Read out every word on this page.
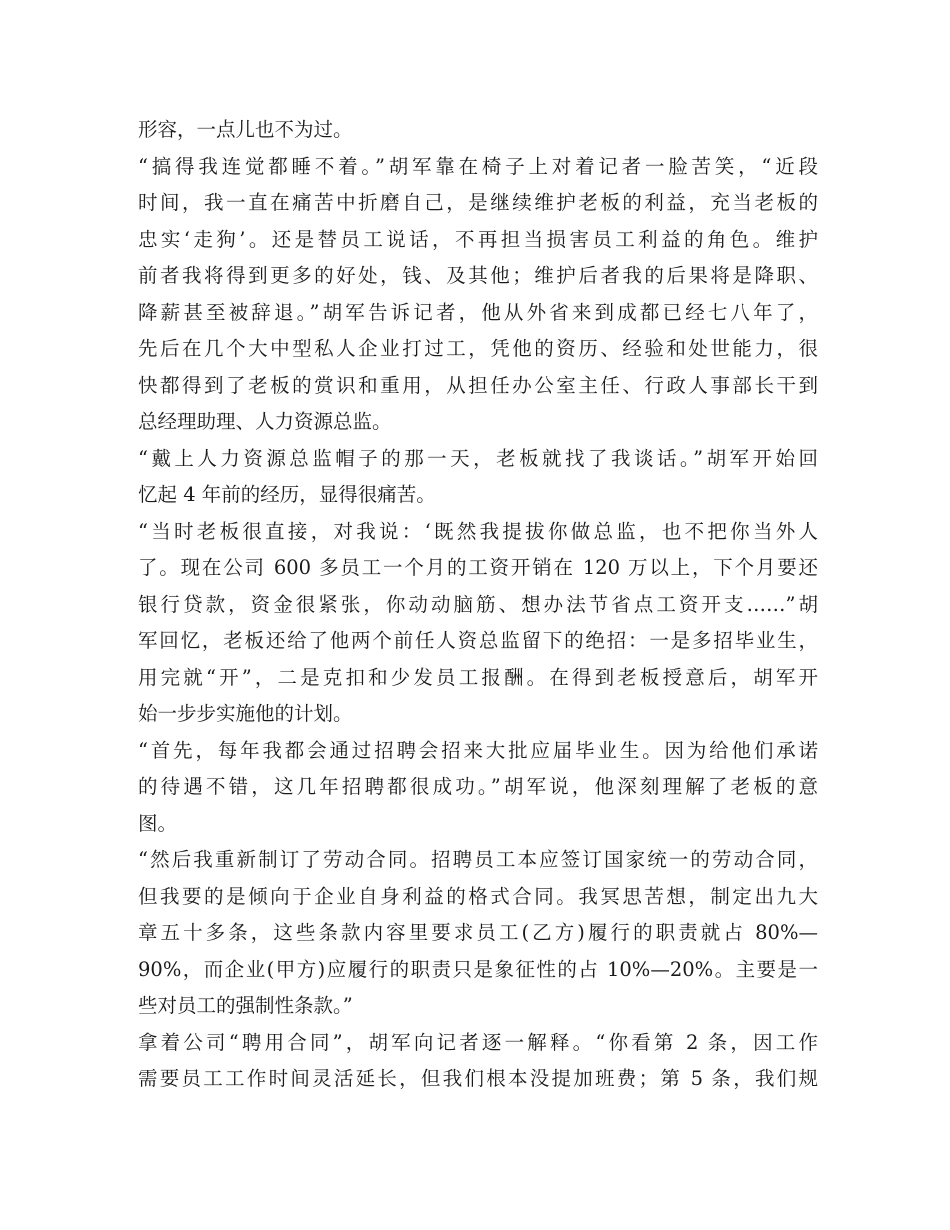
形容，一点儿也不为过。
“搞得我连觉都睡不着。”胡军靠在椅子上对着记者一脸苦笑，“近段
时间，我一直在痛苦中折磨自己，是继续维护老板的利益，充当老板的
忠实‘走狗’。还是替员工说话，不再担当损害员工利益的角色。维护
前者我将得到更多的好处，钱、及其他；维护后者我的后果将是降职、
降薪甚至被辞退。”胡军告诉记者，他从外省来到成都已经七八年了，
先后在几个大中型私人企业打过工，凭他的资历、经验和处世能力，很
快都得到了老板的赏识和重用，从担任办公室主任、行政人事部长干到
总经理助理、人力资源总监。
“戴上人力资源总监帽子的那一天，老板就找了我谈话。”胡军开始回
忆起 4 年前的经历，显得很痛苦。
“当时老板很直接，对我说：‘既然我提拔你做总监，也不把你当外人
了。现在公司 600 多员工一个月的工资开销在 120 万以上，下个月要还
银行贷款，资金很紧张，你动动脑筋、想办法节省点工资开支……”胡
军回忆，老板还给了他两个前任人资总监留下的绝招：一是多招毕业生，
用完就“开”，二是克扣和少发员工报酬。在得到老板授意后，胡军开
始一步步实施他的计划。
“首先，每年我都会通过招聘会招来大批应届毕业生。因为给他们承诺
的待遇不错，这几年招聘都很成功。”胡军说，他深刻理解了老板的意
图。
“然后我重新制订了劳动合同。招聘员工本应签订国家统一的劳动合同，
但我要的是倾向于企业自身利益的格式合同。我冥思苦想，制定出九大
章五十多条，这些条款内容里要求员工(乙方)履行的职责就占 80%—
90%，而企业(甲方)应履行的职责只是象征性的占 10%—20%。主要是一
些对员工的强制性条款。”
拿着公司“聘用合同”，胡军向记者逐一解释。“你看第 2 条，因工作
需要员工工作时间灵活延长，但我们根本没提加班费；第 5 条，我们规
